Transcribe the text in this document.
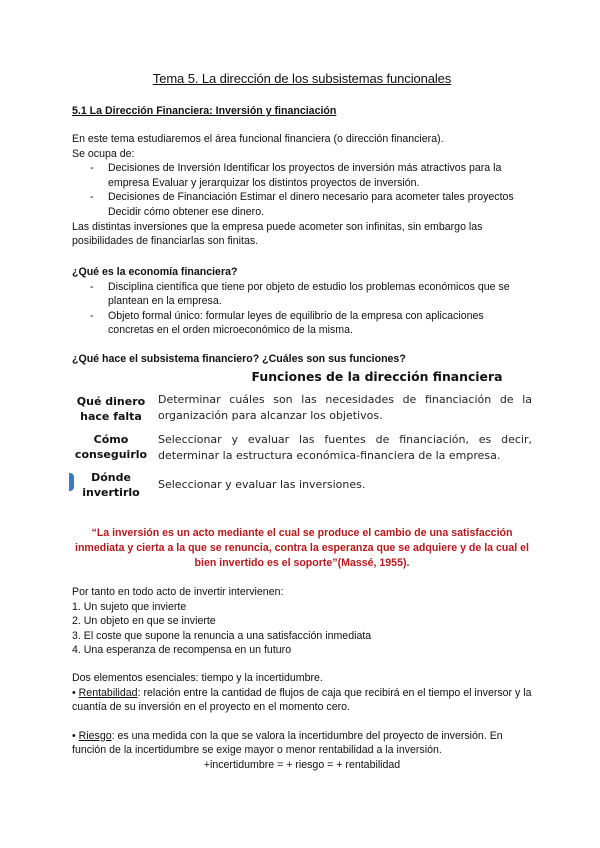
Tema 5. La dirección de los subsistemas funcionales
5.1 La Dirección Financiera: Inversión y financiación

En este tema estudiaremos el área funcional financiera (o dirección financiera).

Se ocupa de:

- Decisiones de Inversión Identificar los proyectos de inversión más atractivos para la empresa Evaluar y jerarquizar los distintos proyectos de inversión.
- Decisiones de Financiación Estimar el dinero necesario para acometer tales proyectos Decidir cómo obtener ese dinero.

Las distintas inversiones que la empresa puede acometer son infinitas, sin embargo las posibilidades de financiarlas son finitas.

¿Qué es la economía financiera?

- Disciplina científica que tiene por objeto de estudio los problemas económicos que se plantean en la empresa.
- Objeto formal único: formular leyes de equilibrio de la empresa con aplicaciones concretas en el orden microeconómico de la misma.

¿Qué hace el subsistema financiero? ¿Cuáles son sus funciones?

Funciones de la dirección financiera
Qué dinero hace falta
Determinar cuáles son las necesidades de financiación de la organización para alcanzar los objetivos.
Cómo conseguirlo
Seleccionar y evaluar las fuentes de financiación, es decir, determinar la estructura económica-financiera de la empresa.
Dónde invertirlo
Seleccionar y evaluar las inversiones.

“La inversión es un acto mediante el cual se produce el cambio de una satisfacción inmediata y cierta a la que se renuncia, contra la esperanza que se adquiere y de la cual el bien invertido es el soporte”(Massé, 1955).

Por tanto en todo acto de invertir intervienen:

1. Un sujeto que invierte

2. Un objeto en que se invierte

3. El coste que supone la renuncia a una satisfacción inmediata

4. Una esperanza de recompensa en un futuro

Dos elementos esenciales: tiempo y la incertidumbre.

• Rentabilidad: relación entre la cantidad de flujos de caja que recibirá en el tiempo el inversor y la cuantía de su inversión en el proyecto en el momento cero.

• Riesgo: es una medida con la que se valora la incertidumbre del proyecto de inversión. En función de la incertidumbre se exige mayor o menor rentabilidad a la inversión.

+incertidumbre = + riesgo = + rentabilidad
